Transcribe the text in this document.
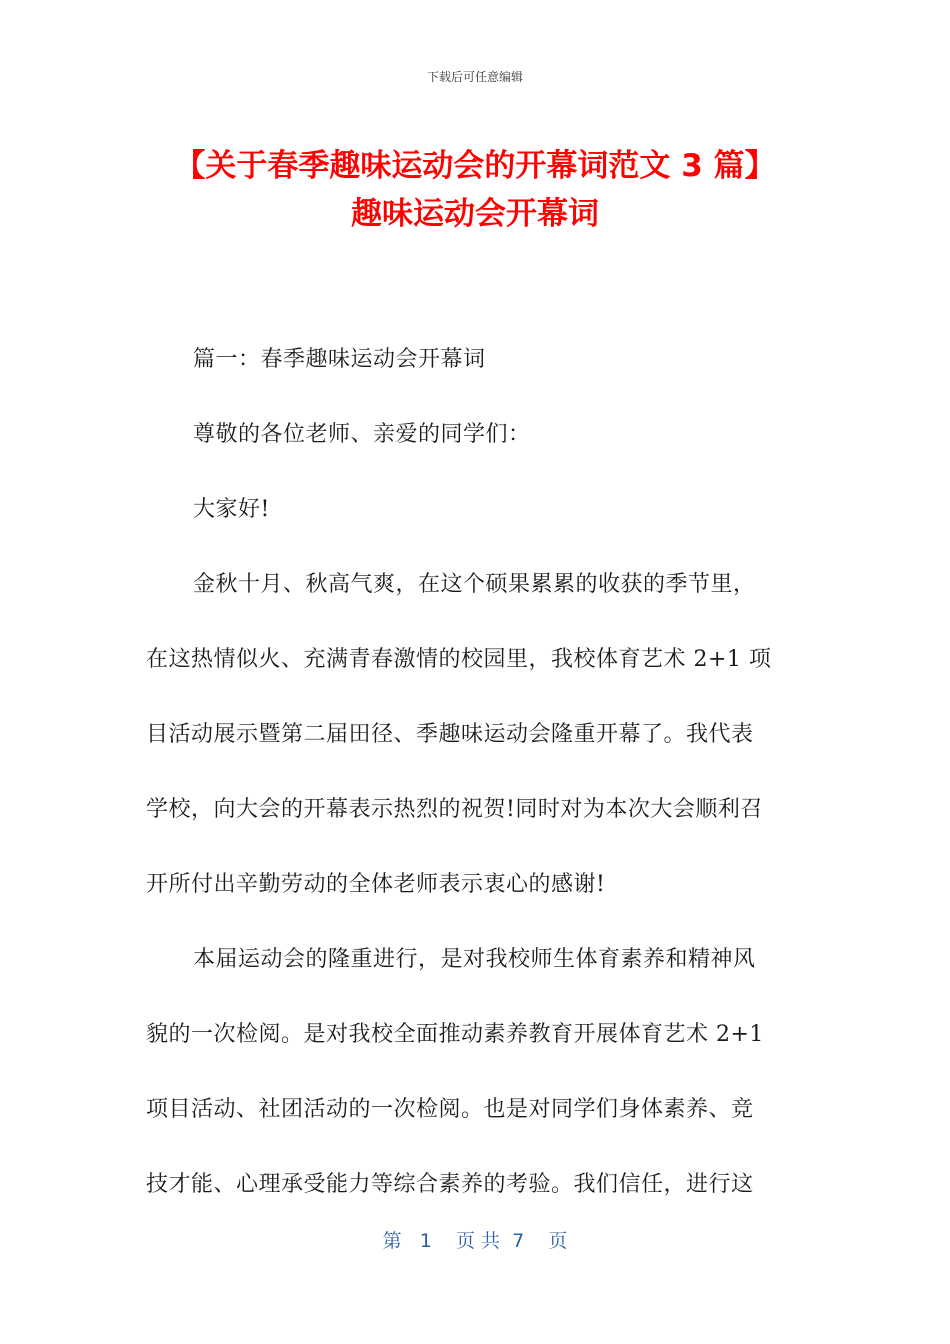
下载后可任意编辑
【关于春季趣味运动会的开幕词范文 3 篇】
趣味运动会开幕词

篇一：春季趣味运动会开幕词

尊敬的各位老师、亲爱的同学们：

大家好!

金秋十月、秋高气爽，在这个硕果累累的收获的季节里，

在这热情似火、充满青春激情的校园里，我校体育艺术 2+1 项

目活动展示暨第二届田径、季趣味运动会隆重开幕了。我代表

学校，向大会的开幕表示热烈的祝贺!同时对为本次大会顺利召

开所付出辛勤劳动的全体老师表示衷心的感谢!

本届运动会的隆重进行，是对我校师生体育素养和精神风

貌的一次检阅。是对我校全面推动素养教育开展体育艺术 2+1

项目活动、社团活动的一次检阅。也是对同学们身体素养、竞

技才能、心理承受能力等综合素养的考验。我们信任，进行这

第   1    页 共  7    页
